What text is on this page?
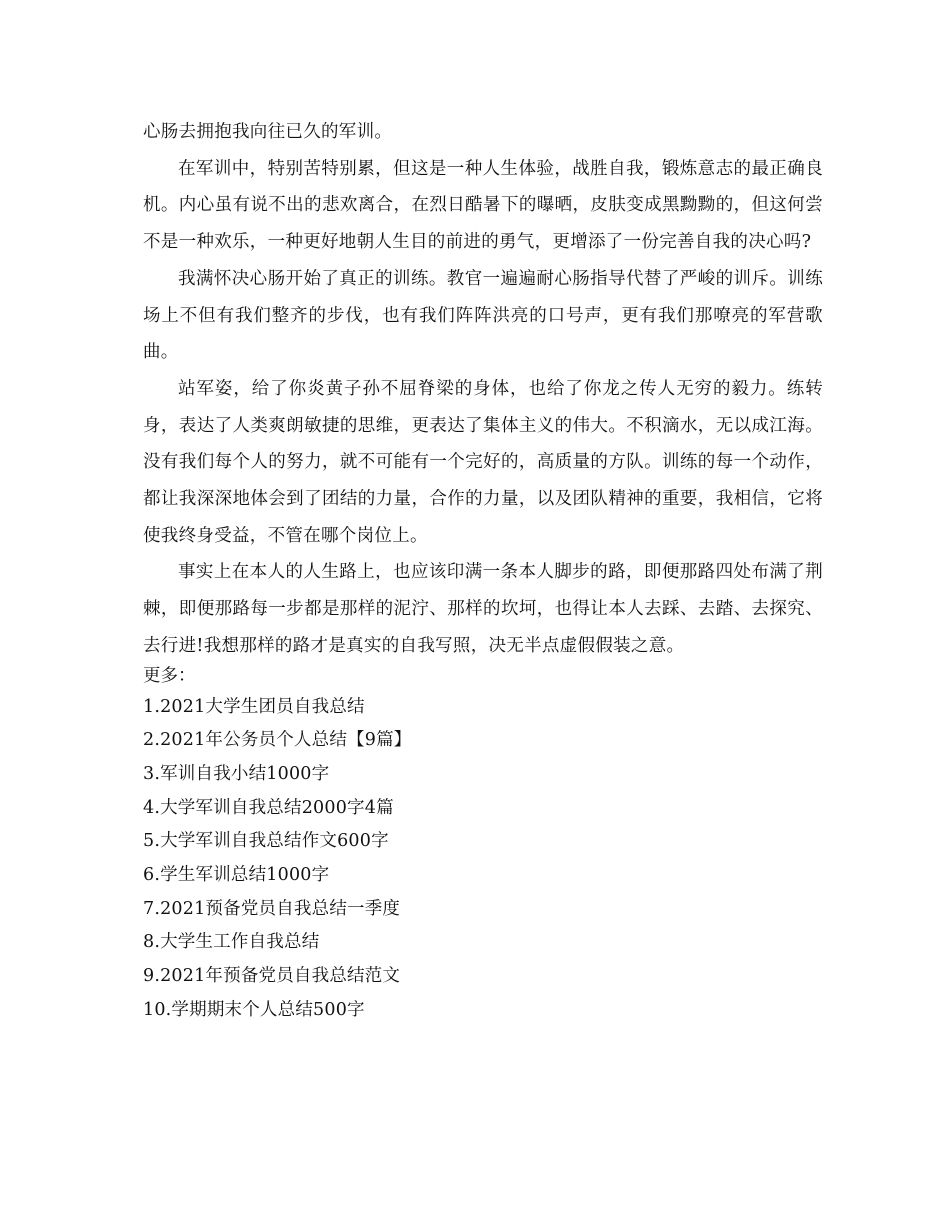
心肠去拥抱我向往已久的军训。

在军训中，特别苦特别累，但这是一种人生体验，战胜自我，锻炼意志的最正确良机。内心虽有说不出的悲欢离合，在烈日酷暑下的曝晒，皮肤变成黑黝黝的，但这何尝不是一种欢乐，一种更好地朝人生目的前进的勇气，更增添了一份完善自我的决心吗?

我满怀决心肠开始了真正的训练。教官一遍遍耐心肠指导代替了严峻的训斥。训练场上不但有我们整齐的步伐，也有我们阵阵洪亮的口号声，更有我们那嘹亮的军营歌曲。

站军姿，给了你炎黄子孙不屈脊梁的身体，也给了你龙之传人无穷的毅力。练转身，表达了人类爽朗敏捷的思维，更表达了集体主义的伟大。不积滴水，无以成江海。没有我们每个人的努力，就不可能有一个完好的，高质量的方队。训练的每一个动作，都让我深深地体会到了团结的力量，合作的力量，以及团队精神的重要，我相信，它将使我终身受益，不管在哪个岗位上。

事实上在本人的人生路上，也应该印满一条本人脚步的路，即便那路四处布满了荆棘，即便那路每一步都是那样的泥泞、那样的坎坷，也得让本人去踩、去踏、去探究、去行进!我想那样的路才是真实的自我写照，决无半点虚假假装之意。

更多：

1.2021大学生团员自我总结
2.2021年公务员个人总结【9篇】
3.军训自我小结1000字
4.大学军训自我总结2000字4篇
5.大学军训自我总结作文600字
6.学生军训总结1000字
7.2021预备党员自我总结一季度
8.大学生工作自我总结
9.2021年预备党员自我总结范文
10.学期期末个人总结500字
